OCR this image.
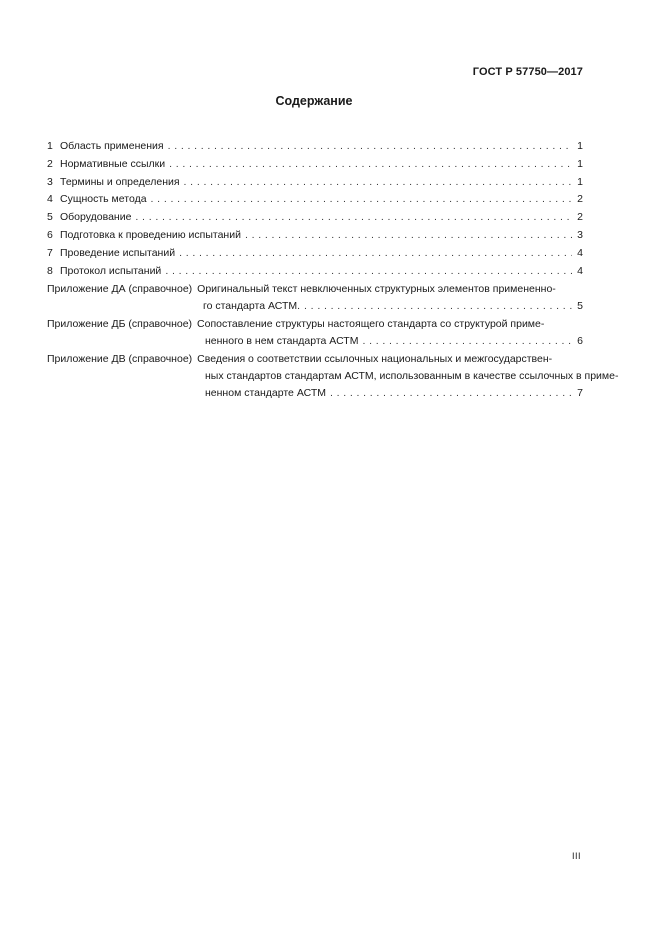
ГОСТ Р 57750—2017
Содержание
1 Область применения . . .	1
2 Нормативные ссылки . . .	1
3 Термины и определения . . .	1
4 Сущность метода . . .	2
5 Оборудование . . .	2
6 Подготовка к проведению испытаний . . .	3
7 Проведение испытаний . . .	4
8 Протокол испытаний . . .	4
Приложение ДА (справочное) Оригинальный текст невключенных структурных элементов примененно-
го стандарта АСТМ. . . .	5
Приложение ДБ (справочное) Сопоставление структуры настоящего стандарта со структурой приме-
ненного в нем стандарта АСТМ . . .	6
Приложение ДВ (справочное) Сведения о соответствии ссылочных национальных и межгосударствен-
ных стандартов стандартам АСТМ, использованным в качестве ссылочных в приме-
ненном стандарте АСТМ . . .	7
III
